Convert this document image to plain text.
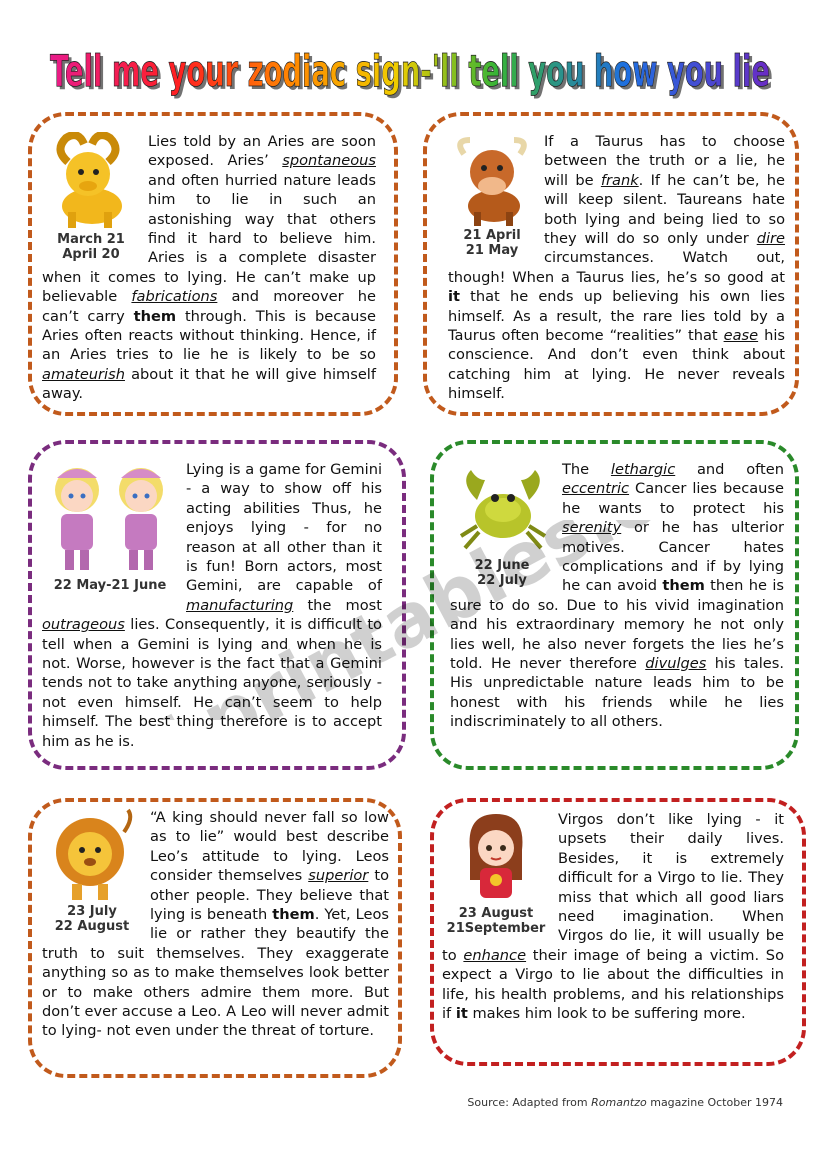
Tell me your zodiac sign-'ll tell you how you lie
Tell me your zodiac sign-'ll tell you how you lie
March 21
April 20
Lies told by an Aries are soon exposed. Aries’ spontaneous and often hurried nature leads him to lie in such an astonishing way that others find it hard to believe him. Aries is a complete disaster when it comes to lying. He can’t make up believable fabrications and moreover he can’t carry them through. This is because Aries often reacts without thinking. Hence, if an Aries tries to lie he is likely to be so amateurish about it that he will give himself away.
21 April
21 May
If a Taurus has to choose between the truth or a lie, he will be frank. If he can’t be, he will keep silent. Taureans hate both lying and being lied to so they will do so only under dire circumstances. Watch out, though! When a Taurus lies, he’s so good at it that he ends up believing his own lies himself. As a result, the rare lies told by a Taurus often become “realities” that ease his conscience. And don’t even think about catching him at lying. He never reveals himself.
22 May-21 June
Lying is a game for Gemini - a way to show off his acting abilities Thus, he enjoys lying - for no reason at all other than it is fun! Born actors, most Gemini, are capable of manufacturing the most outrageous lies. Consequently, it is difficult to tell when a Gemini is lying and when he is not. Worse, however is the fact that a Gemini tends not to take anything anyone, seriously - not even himself. He can’t seem to help himself. The best thing therefore is to accept him as he is.
22 June
22 July
The lethargic and often eccentric Cancer lies because he wants to protect his serenity or he has ulterior motives. Cancer hates complications and if by lying he can avoid them then he is sure to do so. Due to his vivid imagination and his extraordinary memory he not only lies well, he also never forgets the lies he’s told. He never therefore divulges his tales. His unpredictable nature leads him to be honest with his friends while he lies indiscriminately to all others.
23 July
22 August
“A king should never fall so low as to lie” would best describe Leo’s attitude to lying. Leos consider themselves superior to other people. They believe that lying is beneath them. Yet, Leos lie or rather they beautify the truth to suit themselves. They exaggerate anything so as to make themselves look better or to make others admire them more. But don’t ever accuse a Leo. A Leo will never admit to lying- not even under the threat of torture.
23 August
21September
Virgos don’t like lying - it upsets their daily lives. Besides, it is extremely difficult for a Virgo to lie. They miss that which all good liars need imagination. When Virgos do lie, it will usually be to enhance their image of being a victim. So expect a Virgo to lie about the difficulties in life, his health problems, and his relationships if it makes him look to be suffering more.
Source: Adapted from Romantzo magazine October 1974
